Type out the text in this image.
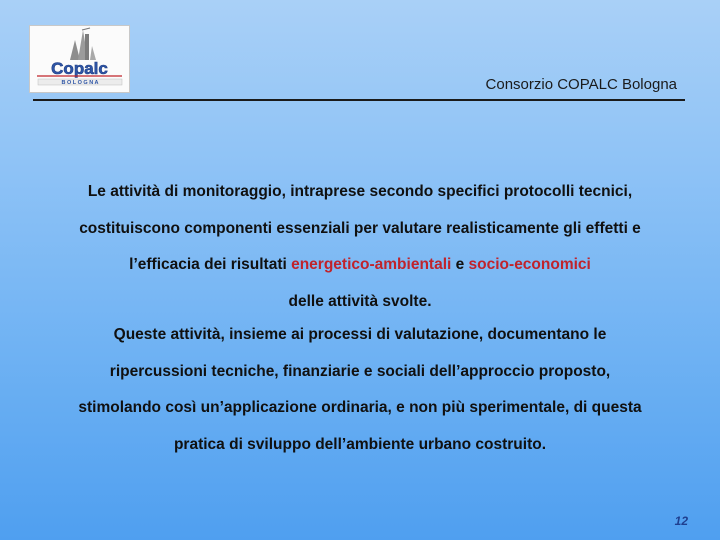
Copalc
B O L O G N A	Consorzio COPALC Bologna

Le attività di monitoraggio, intraprese secondo specifici protocolli tecnici,

costituiscono componenti essenziali per valutare realisticamente gli effetti e

l’efficacia dei risultati energetico-ambientali e socio-economici

delle attività svolte.

Queste attività, insieme ai processi di valutazione, documentano le

ripercussioni tecniche, finanziarie e sociali dell’approccio proposto,

stimolando così un’applicazione ordinaria, e non più sperimentale, di questa

pratica di sviluppo dell’ambiente urbano costruito.

12
